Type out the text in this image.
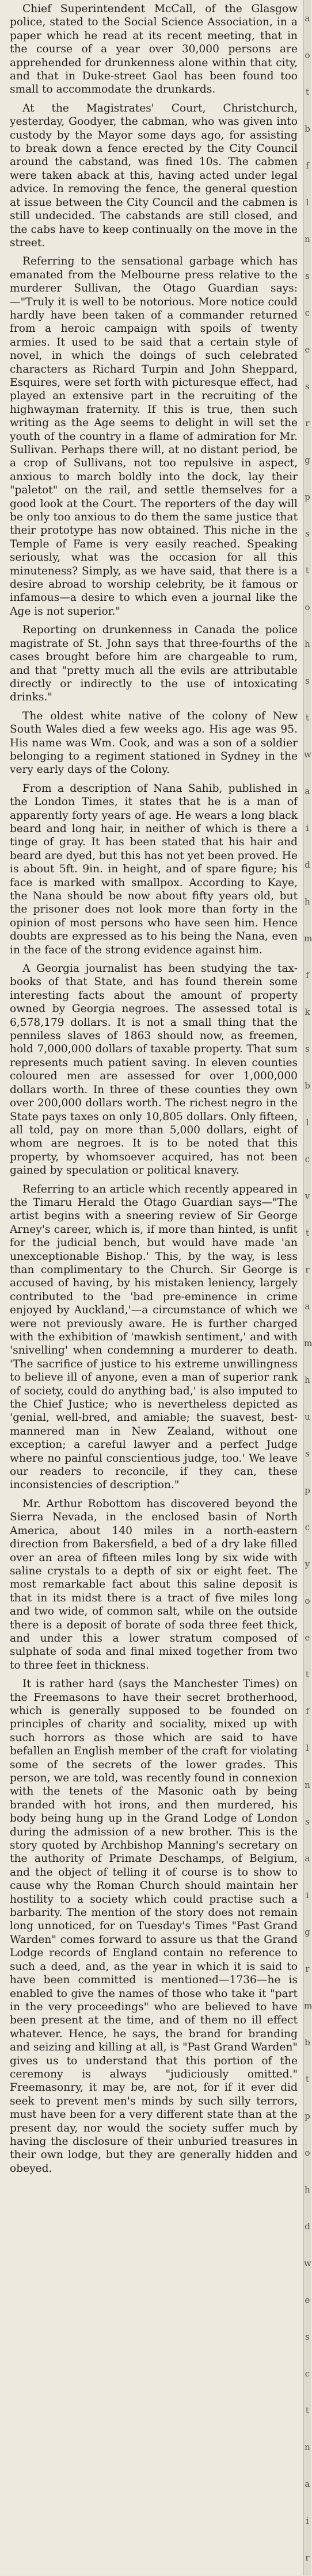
Chief Superintendent McCall, of the Glasgow police, stated to the Social Science Association, in a paper which he read at its recent meeting, that in the course of a year over 30,000 persons are apprehended for drunkenness alone within that city, and that in Duke-street Gaol has been found too small to accommodate the drunkards.

At the Magistrates' Court, Christchurch, yesterday, Goodyer, the cabman, who was given into custody by the Mayor some days ago, for assisting to break down a fence erected by the City Council around the cabstand, was fined 10s. The cabmen were taken aback at this, having acted under legal advice. In removing the fence, the general question at issue between the City Council and the cabmen is still undecided. The cabstands are still closed, and the cabs have to keep continually on the move in the street.

Referring to the sensational garbage which has emanated from the Melbourne press relative to the murderer Sullivan, the Otago Guardian says:—"Truly it is well to be notorious. More notice could hardly have been taken of a commander returned from a heroic campaign with spoils of twenty armies. It used to be said that a certain style of novel, in which the doings of such celebrated characters as Richard Turpin and John Sheppard, Esquires, were set forth with picturesque effect, had played an extensive part in the recruiting of the highwayman fraternity. If this is true, then such writing as the Age seems to delight in will set the youth of the country in a flame of admiration for Mr. Sullivan. Perhaps there will, at no distant period, be a crop of Sullivans, not too repulsive in aspect, anxious to march boldly into the dock, lay their "paletot" on the rail, and settle themselves for a good look at the Court. The reporters of the day will be only too anxious to do them the same justice that their prototype has now obtained. This niche in the Temple of Fame is very easily reached. Speaking seriously, what was the occasion for all this minuteness? Simply, as we have said, that there is a desire abroad to worship celebrity, be it famous or infamous—a desire to which even a journal like the Age is not superior."

Reporting on drunkenness in Canada the police magistrate of St. John says that three-fourths of the cases brought before him are chargeable to rum, and that "pretty much all the evils are attributable directly or indirectly to the use of intoxicating drinks."

The oldest white native of the colony of New South Wales died a few weeks ago. His age was 95. His name was Wm. Cook, and was a son of a soldier belonging to a regiment stationed in Sydney in the very early days of the Colony.

From a description of Nana Sahib, published in the London Times, it states that he is a man of apparently forty years of age. He wears a long black beard and long hair, in neither of which is there a tinge of gray. It has been stated that his hair and beard are dyed, but this has not yet been proved. He is about 5ft. 9in. in height, and of spare figure; his face is marked with smallpox. According to Kaye, the Nana should be now about fifty years old, but the prisoner does not look more than forty in the opinion of most persons who have seen him. Hence doubts are expressed as to his being the Nana, even in the face of the strong evidence against him.

A Georgia journalist has been studying the tax-books of that State, and has found therein some interesting facts about the amount of property owned by Georgia negroes. The assessed total is 6,578,179 dollars. It is not a small thing that the penniless slaves of 1863 should now, as freemen, hold 7,000,000 dollars of taxable property. That sum represents much patient saving. In eleven counties coloured men are assessed for over 1,000,000 dollars worth. In three of these counties they own over 200,000 dollars worth. The richest negro in the State pays taxes on only 10,805 dollars. Only fifteen, all told, pay on more than 5,000 dollars, eight of whom are negroes. It is to be noted that this property, by whomsoever acquired, has not been gained by speculation or political knavery.

Referring to an article which recently appeared in the Timaru Herald the Otago Guardian says—"The artist begins with a sneering review of Sir George Arney's career, which is, if more than hinted, is unfit for the judicial bench, but would have made 'an unexceptionable Bishop.' This, by the way, is less than complimentary to the Church. Sir George is accused of having, by his mistaken leniency, largely contributed to the 'bad pre-eminence in crime enjoyed by Auckland,'—a circumstance of which we were not previously aware. He is further charged with the exhibition of 'mawkish sentiment,' and with 'snivelling' when condemning a murderer to death. 'The sacrifice of justice to his extreme unwillingness to believe ill of anyone, even a man of superior rank of society, could do anything bad,' is also imputed to the Chief Justice; who is nevertheless depicted as 'genial, well-bred, and amiable; the suavest, best-mannered man in New Zealand, without one exception; a careful lawyer and a perfect Judge where no painful conscientious judge, too.' We leave our readers to reconcile, if they can, these inconsistencies of description."

Mr. Arthur Robottom has discovered beyond the Sierra Nevada, in the enclosed basin of North America, about 140 miles in a north-eastern direction from Bakersfield, a bed of a dry lake filled over an area of fifteen miles long by six wide with saline crystals to a depth of six or eight feet. The most remarkable fact about this saline deposit is that in its midst there is a tract of five miles long and two wide, of common salt, while on the outside there is a deposit of borate of soda three feet thick, and under this a lower stratum composed of sulphate of soda and final mixed together from two to three feet in thickness.

It is rather hard (says the Manchester Times) on the Freemasons to have their secret brotherhood, which is generally supposed to be founded on principles of charity and sociality, mixed up with such horrors as those which are said to have befallen an English member of the craft for violating some of the secrets of the lower grades. This person, we are told, was recently found in connexion with the tenets of the Masonic oath by being branded with hot irons, and then murdered, his body being hung up in the Grand Lodge of London during the admission of a new brother. This is the story quoted by Archbishop Manning's secretary on the authority of Primate Deschamps, of Belgium, and the object of telling it of course is to show to cause why the Roman Church should maintain her hostility to a society which could practise such a barbarity. The mention of the story does not remain long unnoticed, for on Tuesday's Times "Past Grand Warden" comes forward to assure us that the Grand Lodge records of England contain no reference to such a deed, and, as the year in which it is said to have been committed is mentioned—1736—he is enabled to give the names of those who take it "part in the very proceedings" who are believed to have been present at the time, and of them no ill effect whatever. Hence, he says, the brand for branding and seizing and killing at all, is "Past Grand Warden" gives us to understand that this portion of the ceremony is always "judiciously omitted." Freemasonry, it may be, are not, for if it ever did seek to prevent men's minds by such silly terrors, must have been for a very different state than at the present day, nor would the society suffer much by having the disclosure of their unburied treasures in their own lodge, but they are generally hidden and obeyed.

a
o
t
b
f
l
n
s
c
e
s
r
g
p
s
t
o
h
s
t
w
a
i
d
h
m
f
k
s
b
l
c
v
t
r
a
m
h
u
s
p
c
y
o
e
t
f
l
n
s
a
i
g
r
m
b
t
p
o
h
d
w
e
s
c
t
n
a
i
r
